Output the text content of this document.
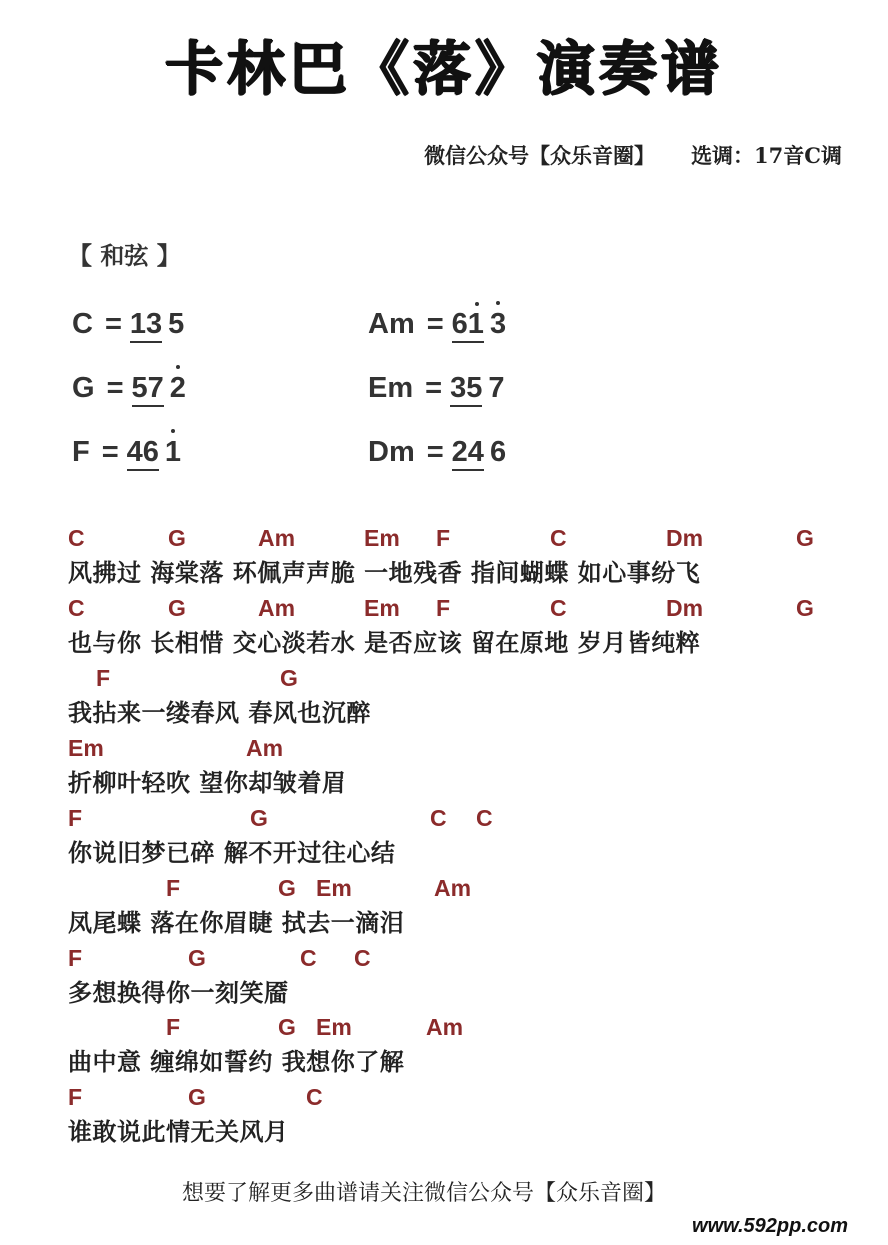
卡林巴《落》演奏谱
微信公众号【众乐音圈】 选调：17音C调
【 和弦 】
C = 13 5	Am = 61 3
G = 57 2	Em = 35 7
F = 46 1	Dm = 24 6
C	G	Am	Em F	C	Dm	G
风拂过 海棠落 环佩声声脆 一地残香 指间蝴蝶 如心事纷飞
C	G	Am	Em F	C	Dm	G
也与你 长相惜 交心淡若水 是否应该 留在原地 岁月皆纯粹
F	G
我拈来一缕春风 春风也沉醉
Em	Am
折柳叶轻吹 望你却皱着眉
F	G	C C
你说旧梦已碎 解不开过往心结
F	G Em	Am
凤尾蝶 落在你眉睫 拭去一滴泪
F	G	C C
多想换得你一刻笑靥
F	G Em	Am
曲中意 缠绵如誓约 我想你了解
F	G	C
谁敢说此情无关风月
想要了解更多曲谱请关注微信公众号【众乐音圈】
www.592pp.com
